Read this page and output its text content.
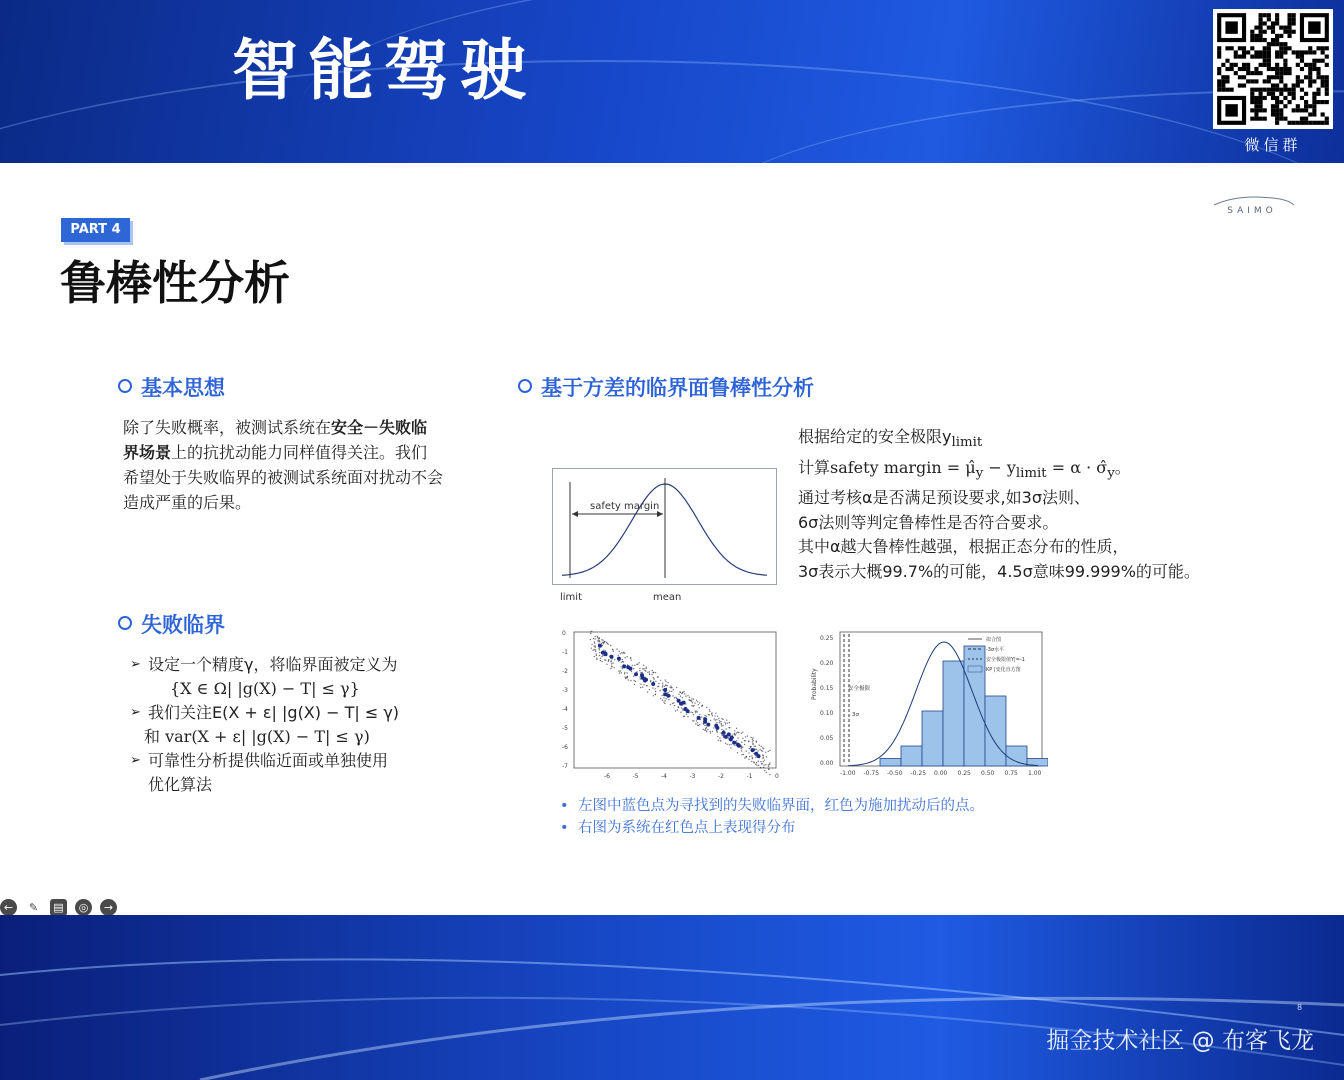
智能驾驶
微信群
SAIMO
PART 4
鲁棒性分析
基本思想
除了失败概率，被测试系统在安全－失败临界场景上的抗扰动能力同样值得关注。我们希望处于失败临界的被测试系统面对扰动不会造成严重的后果。
失败临界
➢ 设定一个精度γ，将临界面被定义为
{X ∈ Ω| |g(X) − T| ≤ γ}
➢ 我们关注E(X + ε| |g(X) − T| ≤ γ)
和 var(X + ε| |g(X) − T| ≤ γ)
➢ 可靠性分析提供临近面或单独使用
优化算法
基于方差的临界面鲁棒性分析
根据给定的安全极限$y_{limit}$
计算safety margin = $\mû_y - y_{limit} = \alpha$ · $\sigmâ_y$。
通过考核α是否满足预设要求,如3σ法则、
6σ法则等判定鲁棒性是否符合要求。
其中α越大鲁棒性越强，根据正态分布的性质，
3σ表示大概99.7%的可能，4.5σ意味99.999%的可能。
safety margin
limit	mean
0
-1
-2
-3
-4
-5
-6
-7
-6	-5	-4	-3	-2	-1	0
Probability
0.25
0.20
0.15
0.10
0.05
0.00
-1.00 -0.75 -0.50 -0.25 0.00 0.25 0.50 0.75 1.00
安全极限
3σ
拟合图
-3σ水平
安全极限值Y|=-1
KP |变化直方图
• 左图中蓝色点为寻找到的失败临界面，红色为施加扰动后的点。
• 右图为系统在红色点上表现得分布
← ✎ ▤ ◎ →
8
掘金技术社区 @ 布客飞龙
